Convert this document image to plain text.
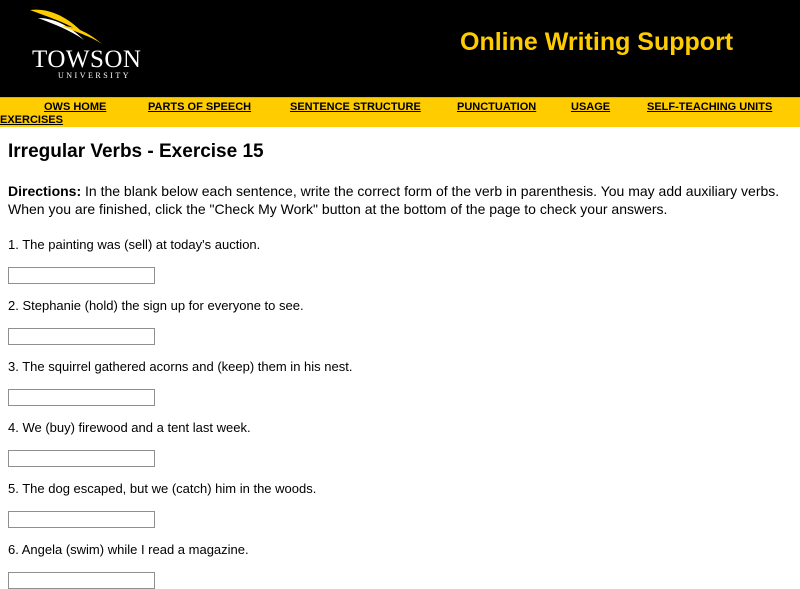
TOWSON
UNIVERSITY
Online Writing Support
OWS HOME	PARTS OF SPEECH	SENTENCE STRUCTURE	PUNCTUATION	USAGE	SELF-TEACHING UNITS
EXERCISES
Irregular Verbs - Exercise 15

Directions: In the blank below each sentence, write the correct form of the verb in parenthesis. You may add auxiliary verbs. When you are finished, click the "Check My Work" button at the bottom of the page to check your answers.

1. The painting was (sell) at today's auction.

2. Stephanie (hold) the sign up for everyone to see.

3. The squirrel gathered acorns and (keep) them in his nest.

4. We (buy) firewood and a tent last week.

5. The dog escaped, but we (catch) him in the woods.

6. Angela (swim) while I read a magazine.
